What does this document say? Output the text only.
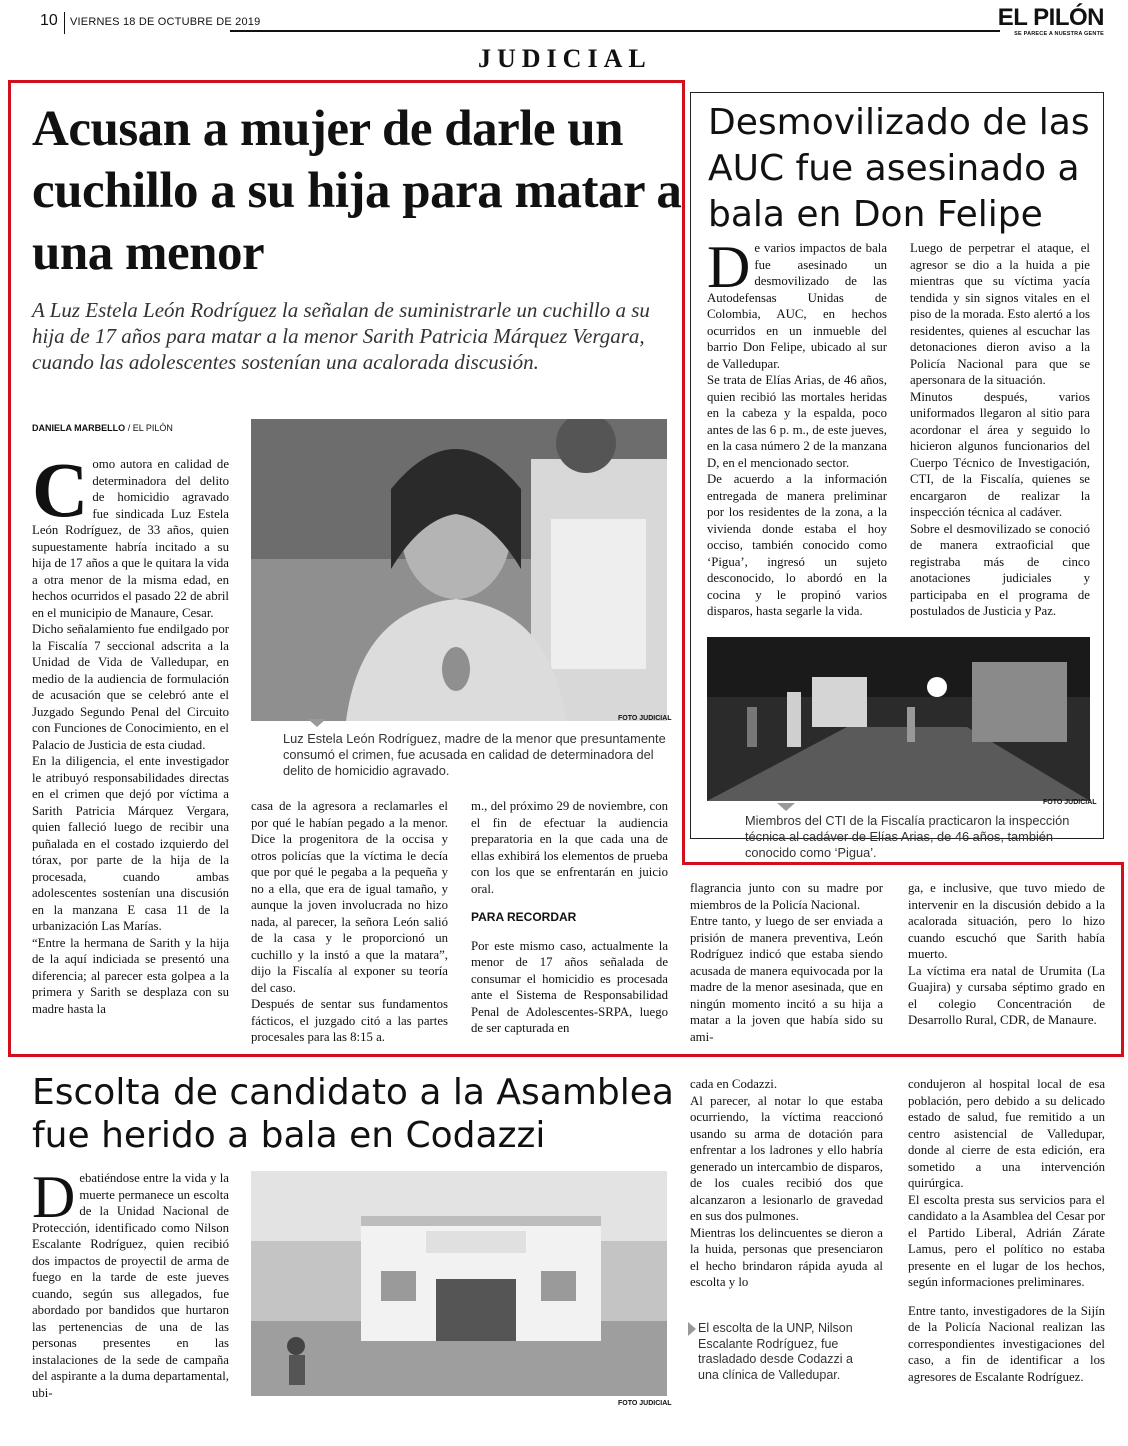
10 VIERNES 18 DE OCTUBRE DE 2019	EL PILÓN
SE PARECE A NUESTRA GENTE
JUDICIAL
Acusan a mujer de darle un cuchillo a su hija para matar a una menor
A Luz Estela León Rodríguez la señalan de suministrarle un cuchillo a su hija de 17 años para matar a la menor Sarith Patricia Márquez Vergara, cuando las adolescentes sostenían una acalorada discusión.
DANIELA MARBELLO / EL PILÓN
FOTO JUDICIAL
Luz Estela León Rodríguez, madre de la menor que presuntamente consumó el crimen, fue acusada en calidad de determinadora del delito de homicidio agravado.
C omo autora en calidad de determinadora del delito de homicidio agravado fue sindicada Luz Estela León Rodríguez, de 33 años, quien supuestamente habría incitado a su hija de 17 años a que le quitara la vida a otra menor de la misma edad, en hechos ocurridos el pasado 22 de abril en el municipio de Manaure, Cesar.

Dicho señalamiento fue endilgado por la Fiscalía 7 seccional adscrita a la Unidad de Vida de Valledupar, en medio de la audiencia de formulación de acusación que se celebró ante el Juzgado Segundo Penal del Circuito con Funciones de Conocimiento, en el Palacio de Justicia de esta ciudad.

En la diligencia, el ente investigador le atribuyó responsabilidades directas en el crimen que dejó por víctima a Sarith Patricia Márquez Vergara, quien falleció luego de recibir una puñalada en el costado izquierdo del tórax, por parte de la hija de la procesada, cuando ambas adolescentes sostenían una discusión en la manzana E casa 11 de la urbanización Las Marías.

“Entre la hermana de Sarith y la hija de la aquí indiciada se presentó una diferencia; al parecer esta golpea a la primera y Sarith se desplaza con su madre hasta la

casa de la agresora a reclamarles el por qué le habían pegado a la menor. Dice la progenitora de la occisa y otros policías que la víctima le decía que por qué le pegaba a la pequeña y no a ella, que era de igual tamaño, y aunque la joven involucrada no hizo nada, al parecer, la señora León salió de la casa y le proporcionó un cuchillo y la instó a que la matara”, dijo la Fiscalía al exponer su teoría del caso.

Después de sentar sus fundamentos fácticos, el juzgado citó a las partes procesales para las 8:15 a.

m., del próximo 29 de noviembre, con el fin de efectuar la audiencia preparatoria en la que cada una de ellas exhibirá los elementos de prueba con los que se enfrentarán en juicio oral.

PARA RECORDAR

Por este mismo caso, actualmente la menor de 17 años señalada de consumar el homicidio es procesada ante el Sistema de Responsabilidad Penal de Adolescentes-SRPA, luego de ser capturada en

flagrancia junto con su madre por miembros de la Policía Nacional.

Entre tanto, y luego de ser enviada a prisión de manera preventiva, León Rodríguez indicó que estaba siendo acusada de manera equivocada por la madre de la menor asesinada, que en ningún momento incitó a su hija a matar a la joven que había sido su ami-

ga, e inclusive, que tuvo miedo de intervenir en la discusión debido a la acalorada situación, pero lo hizo cuando escuchó que Sarith había muerto.

La víctima era natal de Urumita (La Guajira) y cursaba séptimo grado en el colegio Concentración de Desarrollo Rural, CDR, de Manaure.

Desmovilizado de las AUC fue asesinado a bala en Don Felipe
D e varios impactos de bala fue asesinado un desmovilizado de las Autodefensas Unidas de Colombia, AUC, en hechos ocurridos en un inmueble del barrio Don Felipe, ubicado al sur de Valledupar.

Se trata de Elías Arias, de 46 años, quien recibió las mortales heridas en la cabeza y la espalda, poco antes de las 6 p. m., de este jueves, en la casa número 2 de la manzana D, en el mencionado sector.

De acuerdo a la información entregada de manera preliminar por los residentes de la zona, a la vivienda donde estaba el hoy occiso, también conocido como ‘Pigua’, ingresó un sujeto desconocido, lo abordó en la cocina y le propinó varios disparos, hasta segarle la vida.

Luego de perpetrar el ataque, el agresor se dio a la huida a pie mientras que su víctima yacía tendida y sin signos vitales en el piso de la morada. Esto alertó a los residentes, quienes al escuchar las detonaciones dieron aviso a la Policía Nacional para que se apersonara de la situación.

Minutos después, varios uniformados llegaron al sitio para acordonar el área y seguido lo hicieron algunos funcionarios del Cuerpo Técnico de Investigación, CTI, de la Fiscalía, quienes se encargaron de realizar la inspección técnica al cadáver.

Sobre el desmovilizado se conoció de manera extraoficial que registraba más de cinco anotaciones judiciales y participaba en el programa de postulados de Justicia y Paz.

FOTO JUDICIAL
Miembros del CTI de la Fiscalía practicaron la inspección técnica al cadáver de Elías Arias, de 46 años, también conocido como ‘Pigua’.
Escolta de candidato a la Asamblea fue herido a bala en Codazzi
D ebatiéndose entre la vida y la muerte permanece un escolta de la Unidad Nacional de Protección, identificado como Nilson Escalante Rodríguez, quien recibió dos impactos de proyectil de arma de fuego en la tarde de este jueves cuando, según sus allegados, fue abordado por bandidos que hurtaron las pertenencias de una de las personas presentes en las instalaciones de la sede de campaña del aspirante a la duma departamental, ubi-

FOTO JUDICIAL

cada en Codazzi.

Al parecer, al notar lo que estaba ocurriendo, la víctima reaccionó usando su arma de dotación para enfrentar a los ladrones y ello habría generado un intercambio de disparos, de los cuales recibió dos que alcanzaron a lesionarlo de gravedad en sus dos pulmones.

Mientras los delincuentes se dieron a la huida, personas que presenciaron el hecho brindaron rápida ayuda al escolta y lo

El escolta de la UNP, Nilson Escalante Rodríguez, fue trasladado desde Codazzi a una clínica de Valledupar.

condujeron al hospital local de esa población, pero debido a su delicado estado de salud, fue remitido a un centro asistencial de Valledupar, donde al cierre de esta edición, era sometido a una intervención quirúrgica.

El escolta presta sus servicios para el candidato a la Asamblea del Cesar por el Partido Liberal, Adrián Zárate Lamus, pero el político no estaba presente en el lugar de los hechos, según informaciones preliminares.

Entre tanto, investigadores de la Sijín de la Policía Nacional realizan las correspondientes investigaciones del caso, a fin de identificar a los agresores de Escalante Rodríguez.
